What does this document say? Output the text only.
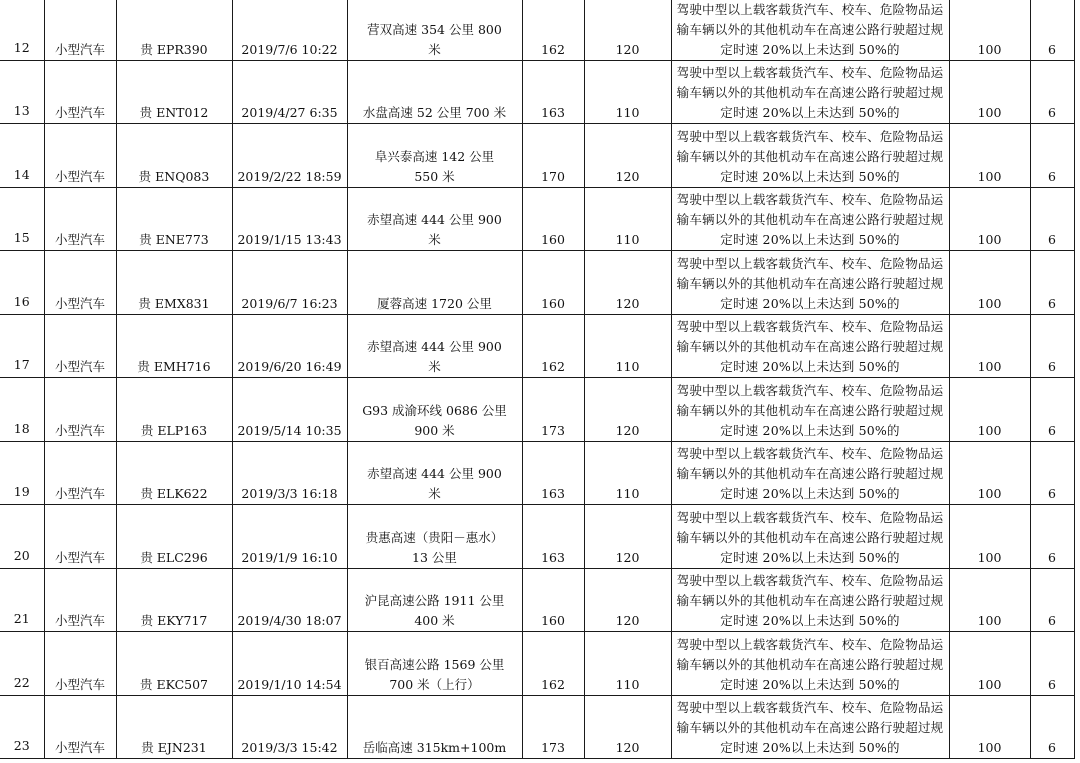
12	小型汽车	贵 EPR390	2019/7/6 10:22	营双高速 354 公里 800 米	162	120	驾驶中型以上载客载货汽车、校车、危险物品运输车辆以外的其他机动车在高速公路行驶超过规定时速 20%以上未达到 50%的	100	6
13	小型汽车	贵 ENT012	2019/4/27 6:35	水盘高速 52 公里 700 米	163	110	驾驶中型以上载客载货汽车、校车、危险物品运输车辆以外的其他机动车在高速公路行驶超过规定时速 20%以上未达到 50%的	100	6
14	小型汽车	贵 ENQ083	2019/2/22 18:59	阜兴泰高速 142 公里 550 米	170	120	驾驶中型以上载客载货汽车、校车、危险物品运输车辆以外的其他机动车在高速公路行驶超过规定时速 20%以上未达到 50%的	100	6
15	小型汽车	贵 ENE773	2019/1/15 13:43	赤望高速 444 公里 900 米	160	110	驾驶中型以上载客载货汽车、校车、危险物品运输车辆以外的其他机动车在高速公路行驶超过规定时速 20%以上未达到 50%的	100	6
16	小型汽车	贵 EMX831	2019/6/7 16:23	厦蓉高速 1720 公里	160	120	驾驶中型以上载客载货汽车、校车、危险物品运输车辆以外的其他机动车在高速公路行驶超过规定时速 20%以上未达到 50%的	100	6
17	小型汽车	贵 EMH716	2019/6/20 16:49	赤望高速 444 公里 900 米	162	110	驾驶中型以上载客载货汽车、校车、危险物品运输车辆以外的其他机动车在高速公路行驶超过规定时速 20%以上未达到 50%的	100	6
18	小型汽车	贵 ELP163	2019/5/14 10:35	G93 成渝环线 0686 公里 900 米	173	120	驾驶中型以上载客载货汽车、校车、危险物品运输车辆以外的其他机动车在高速公路行驶超过规定时速 20%以上未达到 50%的	100	6
19	小型汽车	贵 ELK622	2019/3/3 16:18	赤望高速 444 公里 900 米	163	110	驾驶中型以上载客载货汽车、校车、危险物品运输车辆以外的其他机动车在高速公路行驶超过规定时速 20%以上未达到 50%的	100	6
20	小型汽车	贵 ELC296	2019/1/9 16:10	贵惠高速（贵阳－惠水）13 公里	163	120	驾驶中型以上载客载货汽车、校车、危险物品运输车辆以外的其他机动车在高速公路行驶超过规定时速 20%以上未达到 50%的	100	6
21	小型汽车	贵 EKY717	2019/4/30 18:07	沪昆高速公路 1911 公里 400 米	160	120	驾驶中型以上载客载货汽车、校车、危险物品运输车辆以外的其他机动车在高速公路行驶超过规定时速 20%以上未达到 50%的	100	6
22	小型汽车	贵 EKC507	2019/1/10 14:54	银百高速公路 1569 公里 700 米（上行）	162	110	驾驶中型以上载客载货汽车、校车、危险物品运输车辆以外的其他机动车在高速公路行驶超过规定时速 20%以上未达到 50%的	100	6
23	小型汽车	贵 EJN231	2019/3/3 15:42	岳临高速 315km+100m	173	120	驾驶中型以上载客载货汽车、校车、危险物品运输车辆以外的其他机动车在高速公路行驶超过规定时速 20%以上未达到 50%的	100	6
